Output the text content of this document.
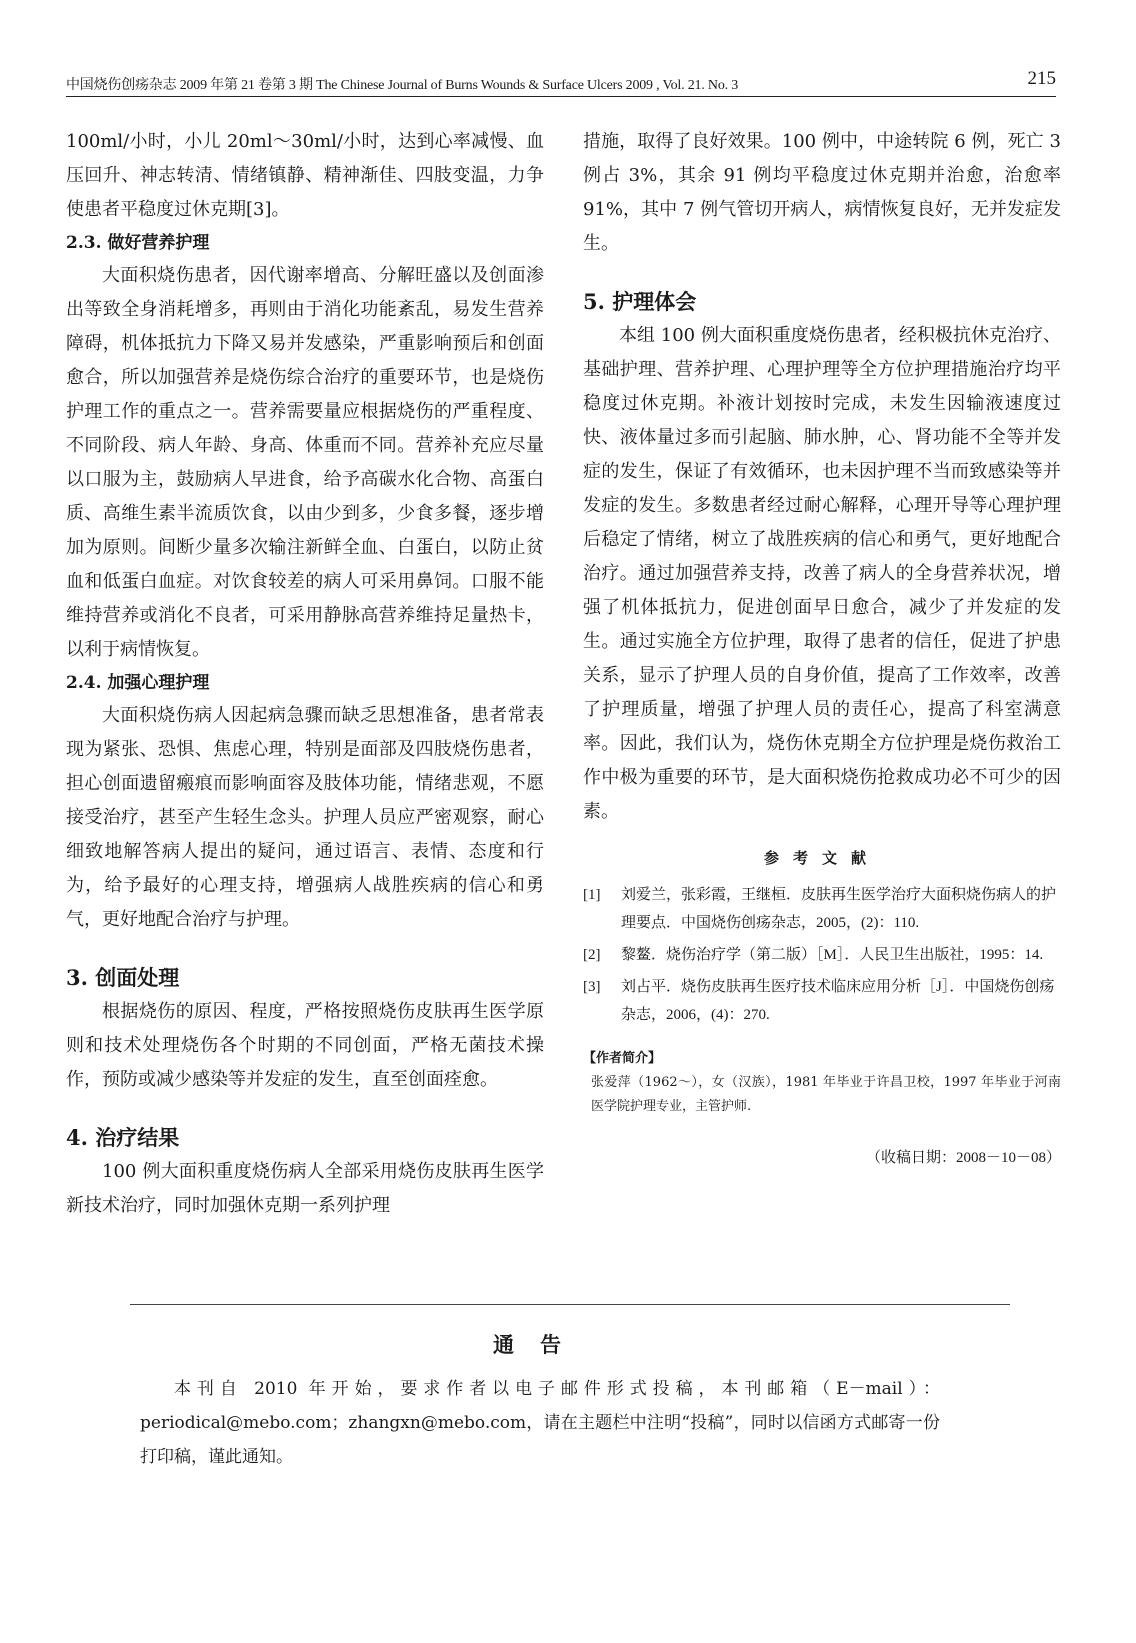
中国烧伤创疡杂志 2009 年第 21 卷第 3 期 The Chinese Journal of Burns Wounds & Surface Ulcers 2009 , Vol. 21. No. 3	215

100ml/小时，小儿 20ml～30ml/小时，达到心率减慢、血压回升、神志转清、情绪镇静、精神渐佳、四肢变温，力争使患者平稳度过休克期[3]。

2.3. 做好营养护理

大面积烧伤患者，因代谢率增高、分解旺盛以及创面渗出等致全身消耗增多，再则由于消化功能紊乱，易发生营养障碍，机体抵抗力下降又易并发感染，严重影响预后和创面愈合，所以加强营养是烧伤综合治疗的重要环节，也是烧伤护理工作的重点之一。营养需要量应根据烧伤的严重程度、不同阶段、病人年龄、身高、体重而不同。营养补充应尽量以口服为主，鼓励病人早进食，给予高碳水化合物、高蛋白质、高维生素半流质饮食，以由少到多，少食多餐，逐步增加为原则。间断少量多次输注新鲜全血、白蛋白，以防止贫血和低蛋白血症。对饮食较差的病人可采用鼻饲。口服不能维持营养或消化不良者，可采用静脉高营养维持足量热卡，以利于病情恢复。

2.4. 加强心理护理

大面积烧伤病人因起病急骤而缺乏思想准备，患者常表现为紧张、恐惧、焦虑心理，特别是面部及四肢烧伤患者，担心创面遗留瘢痕而影响面容及肢体功能，情绪悲观，不愿接受治疗，甚至产生轻生念头。护理人员应严密观察，耐心细致地解答病人提出的疑问，通过语言、表情、态度和行为，给予最好的心理支持，增强病人战胜疾病的信心和勇气，更好地配合治疗与护理。

3. 创面处理

根据烧伤的原因、程度，严格按照烧伤皮肤再生医学原则和技术处理烧伤各个时期的不同创面，严格无菌技术操作，预防或减少感染等并发症的发生，直至创面痊愈。

4. 治疗结果

100 例大面积重度烧伤病人全部采用烧伤皮肤再生医学新技术治疗，同时加强休克期一系列护理

措施，取得了良好效果。100 例中，中途转院 6 例，死亡 3 例占 3%，其余 91 例均平稳度过休克期并治愈，治愈率 91%，其中 7 例气管切开病人，病情恢复良好，无并发症发生。

5. 护理体会

本组 100 例大面积重度烧伤患者，经积极抗休克治疗、基础护理、营养护理、心理护理等全方位护理措施治疗均平稳度过休克期。补液计划按时完成，未发生因输液速度过快、液体量过多而引起脑、肺水肿，心、肾功能不全等并发症的发生，保证了有效循环，也未因护理不当而致感染等并发症的发生。多数患者经过耐心解释，心理开导等心理护理后稳定了情绪，树立了战胜疾病的信心和勇气，更好地配合治疗。通过加强营养支持，改善了病人的全身营养状况，增强了机体抵抗力，促进创面早日愈合，减少了并发症的发生。通过实施全方位护理，取得了患者的信任，促进了护患关系，显示了护理人员的自身价值，提高了工作效率，改善了护理质量，增强了护理人员的责任心，提高了科室满意率。因此，我们认为，烧伤休克期全方位护理是烧伤救治工作中极为重要的环节，是大面积烧伤抢救成功必不可少的因素。

参考文献
[1]	刘爱兰，张彩霞，王继桓．皮肤再生医学治疗大面积烧伤病人的护理要点．中国烧伤创疡杂志，2005，(2)：110.
[2]	黎鳌．烧伤治疗学（第二版）［M］．人民卫生出版社，1995：14.
[3]	刘占平．烧伤皮肤再生医疗技术临床应用分析［J］．中国烧伤创疡杂志，2006，(4)：270.
【作者简介】
张爱萍（1962～），女（汉族），1981 年毕业于许昌卫校，1997 年毕业于河南医学院护理专业，主管护师.
（收稿日期：2008－10－08）
通告

本刊自 2010 年开始，要求作者以电子邮件形式投稿，本刊邮箱（E－mail）：periodical@mebo.com；zhangxn@mebo.com，请在主题栏中注明“投稿”，同时以信函方式邮寄一份打印稿，谨此通知。
